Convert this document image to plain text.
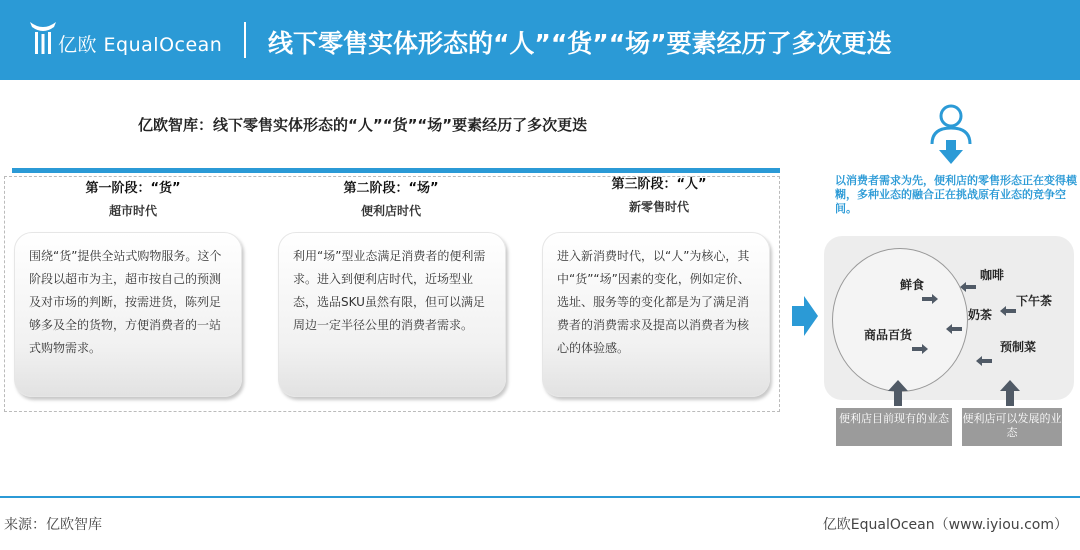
亿欧 EqualOcean 线下零售实体形态的“人”“货”“场”要素经历了多次更迭
亿欧智库：线下零售实体形态的“人”“货”“场”要素经历了多次更迭
第一阶段：“货”
超市时代
第二阶段：“场”
便利店时代
第三阶段：“人”
新零售时代
围绕“货”提供全站式购物服务。这个阶段以超市为主，超市按自己的预测及对市场的判断，按需进货，陈列足够多及全的货物，方便消费者的一站式购物需求。
利用“场”型业态满足消费者的便利需求。进入到便利店时代，近场型业态，选品SKU虽然有限，但可以满足周边一定半径公里的消费者需求。
进入新消费时代，以“人”为核心，其中“货”“场”因素的变化，例如定价、选址、服务等的变化都是为了满足消费者的消费需求及提高以消费者为核心的体验感。
以消费者需求为先，便利店的零售形态正在变得模糊，多种业态的融合正在挑战原有业态的竞争空间。
鲜食
商品百货
咖啡
下午茶
奶茶
预制菜
便利店目前现有的业态 便利店可以发展的业态
来源：亿欧智库	亿欧EqualOcean（www.iyiou.com）
